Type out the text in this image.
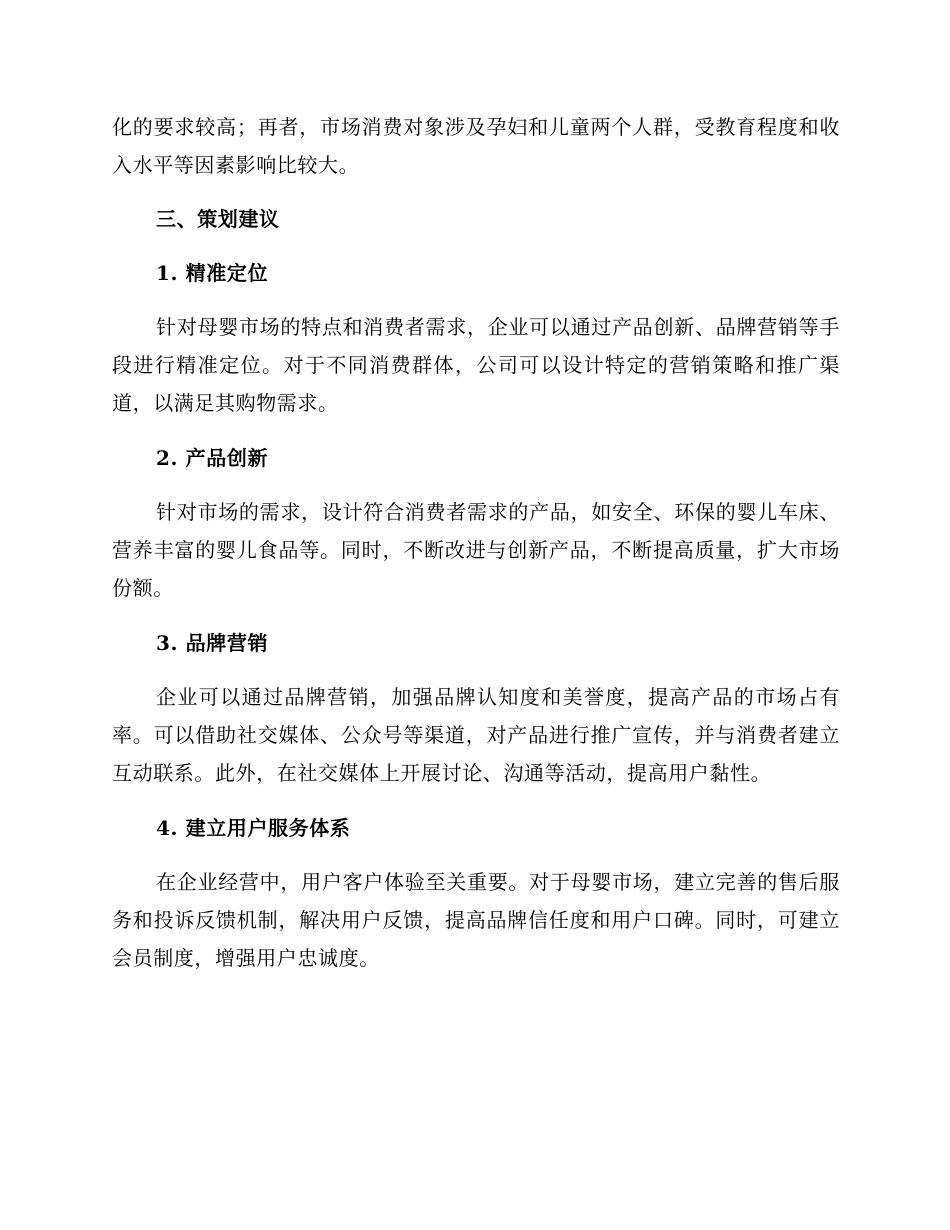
化的要求较高；再者，市场消费对象涉及孕妇和儿童两个人群，受教育程度和收入水平等因素影响比较大。

三、策划建议

1. 精准定位

针对母婴市场的特点和消费者需求，企业可以通过产品创新、品牌营销等手段进行精准定位。对于不同消费群体，公司可以设计特定的营销策略和推广渠道，以满足其购物需求。

2. 产品创新

针对市场的需求，设计符合消费者需求的产品，如安全、环保的婴儿车床、营养丰富的婴儿食品等。同时，不断改进与创新产品，不断提高质量，扩大市场份额。

3. 品牌营销

企业可以通过品牌营销，加强品牌认知度和美誉度，提高产品的市场占有率。可以借助社交媒体、公众号等渠道，对产品进行推广宣传，并与消费者建立互动联系。此外，在社交媒体上开展讨论、沟通等活动，提高用户黏性。

4. 建立用户服务体系

在企业经营中，用户客户体验至关重要。对于母婴市场，建立完善的售后服务和投诉反馈机制，解决用户反馈，提高品牌信任度和用户口碑。同时，可建立会员制度，增强用户忠诚度。
